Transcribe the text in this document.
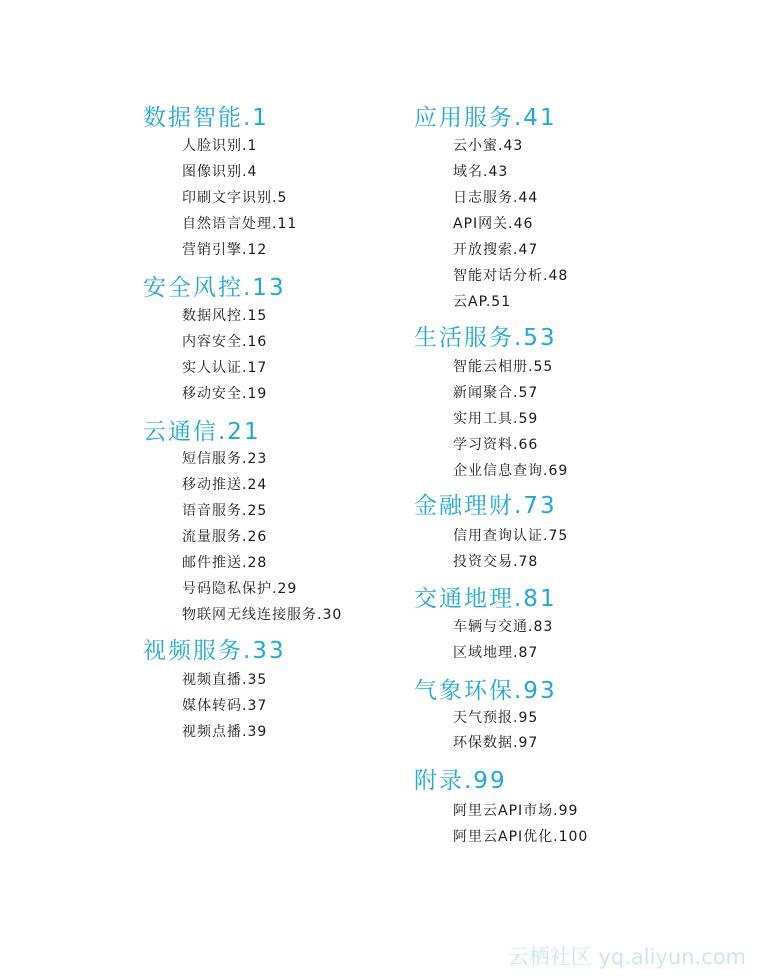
数据智能.1
人脸识别.1
图像识别.4
印刷文字识别.5
自然语言处理.11
营销引擎.12
安全风控.13
数据风控.15
内容安全.16
实人认证.17
移动安全.19
云通信.21
短信服务.23
移动推送.24
语音服务.25
流量服务.26
邮件推送.28
号码隐私保护.29
物联网无线连接服务.30
视频服务.33
视频直播.35
媒体转码.37
视频点播.39
应用服务.41
云小蜜.43
域名.43
日志服务.44
API网关.46
开放搜索.47
智能对话分析.48
云AP.51
生活服务.53
智能云相册.55
新闻聚合.57
实用工具.59
学习资料.66
企业信息查询.69
金融理财.73
信用查询认证.75
投资交易.78
交通地理.81
车辆与交通.83
区域地理.87
气象环保.93
天气预报.95
环保数据.97
附录.99
阿里云API市场.99
阿里云API优化.100
云栖社区 yq.aliyun.com
